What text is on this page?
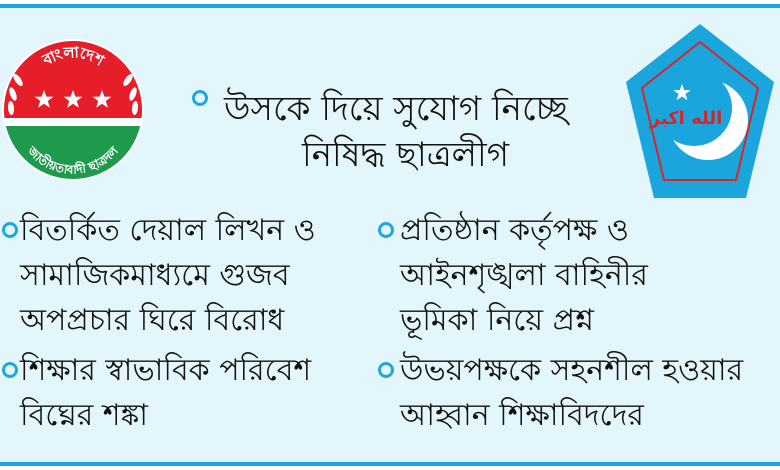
বাংলাদেশ
জাতীয়তাবাদী ছাত্রদল
উসকে দিয়ে সুযোগ নিচ্ছে
নিষিদ্ধ ছাত্রলীগ
الله اكبر
বিতর্কিত দেয়াল লিখন ও
সামাজিকমাধ্যমে গুজব
অপপ্রচার ঘিরে বিরোধ
প্রতিষ্ঠান কর্তৃপক্ষ ও
আইনশৃঙ্খলা বাহিনীর
ভূমিকা নিয়ে প্রশ্ন
শিক্ষার স্বাভাবিক পরিবেশ
বিঘ্নের শঙ্কা
উভয়পক্ষকে সহনশীল হওয়ার
আহ্বান শিক্ষাবিদদের
